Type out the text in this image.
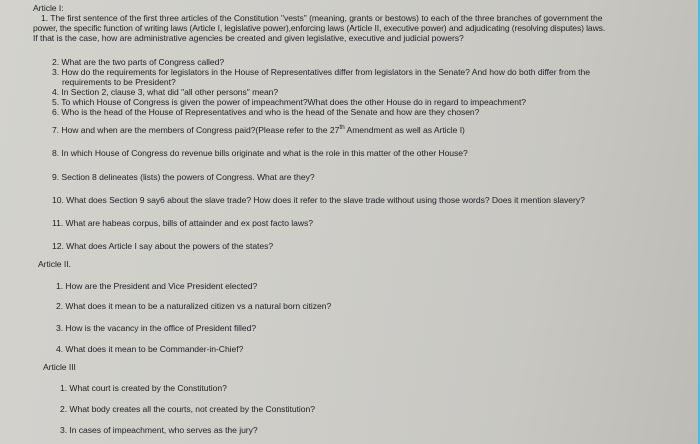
Article I:
1. The first sentence of the first three articles of the Constitution "vests" (meaning, grants or bestows) to each of the three branches of government the
power, the specific function of writing laws (Article I, legislative power),enforcing laws (Article II, executive power) and adjudicating (resolving disputes) laws.
If that is the case, how are administrative agencies be created and given legislative, executive and judicial powers?
2. What are the two parts of Congress called?
3. How do the requirements for legislators in the House of Representatives differ from legislators in the Senate? And how do both differ from the
requirements to be President?
4. In Section 2, clause 3, what did "all other persons" mean?
5. To which House of Congress is given the power of impeachment?What does the other House do in regard to impeachment?
6. Who is the head of the House of Representatives and who is the head of the Senate and how are they chosen?
7. How and when are the members of Congress paid?(Please refer to the 27th Amendment as well as Article I)
8. In which House of Congress do revenue bills originate and what is the role in this matter of the other House?
9. Section 8 delineates (lists) the powers of Congress. What are they?
10. What does Section 9 say6 about the slave trade? How does it refer to the slave trade without using those words? Does it mention slavery?
11. What are habeas corpus, bills of attainder and ex post facto laws?
12. What does Article I say about the powers of the states?
Article II.
1. How are the President and Vice President elected?
2. What does it mean to be a naturalized citizen vs a natural born citizen?
3. How is the vacancy in the office of President filled?
4. What does it mean to be Commander-in-Chief?
Article III
1. What court is created by the Constitution?
2. What body creates all the courts, not created by the Constitution?
3. In cases of impeachment, who serves as the jury?
